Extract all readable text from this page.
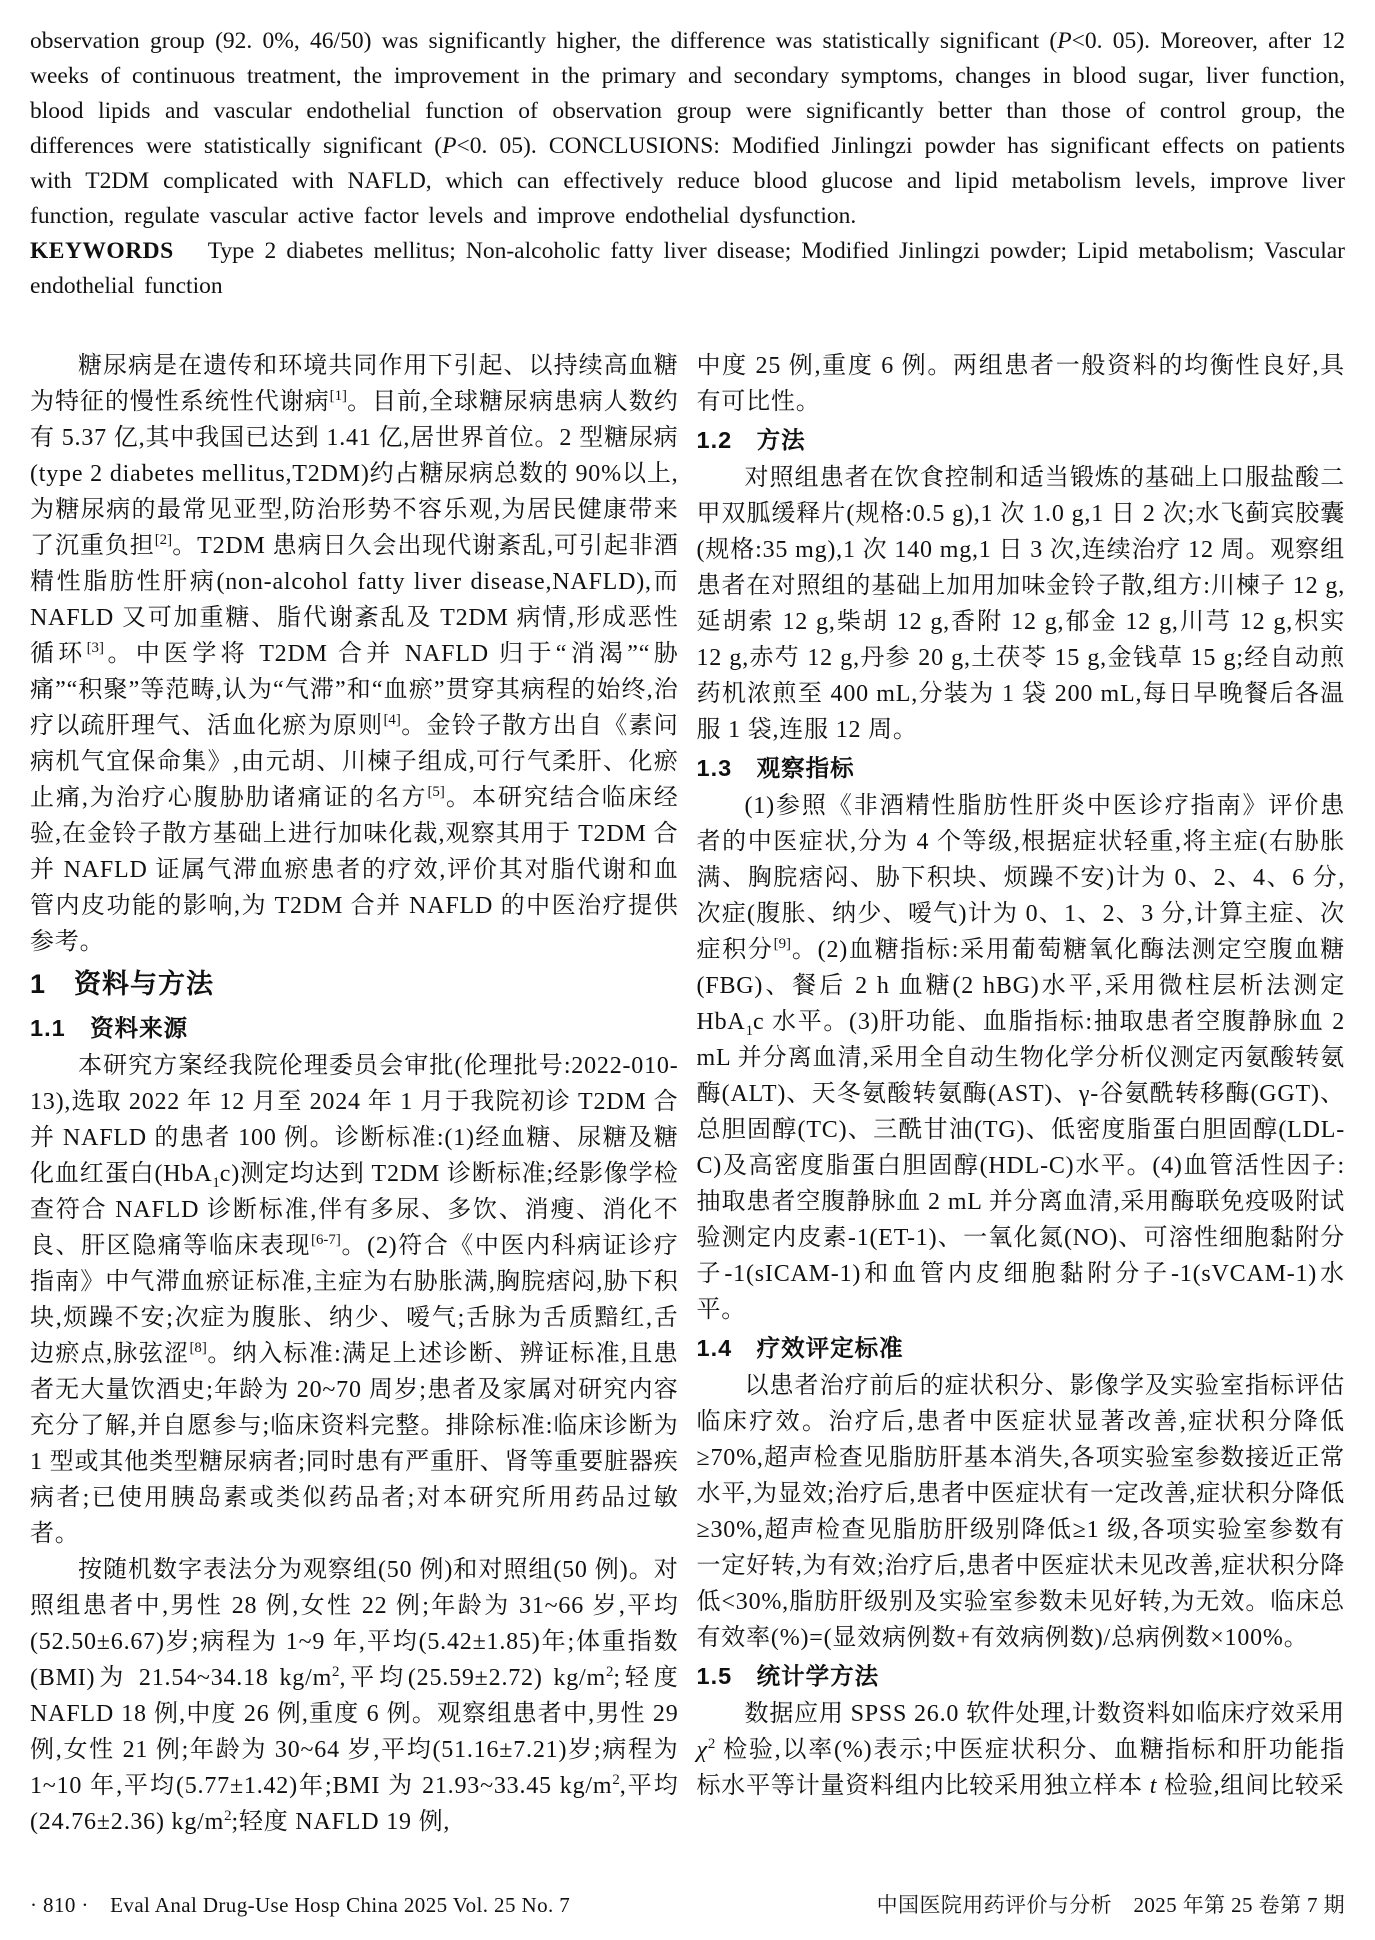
observation group (92. 0%, 46/50) was significantly higher, the difference was statistically significant (P<0. 05). Moreover, after 12 weeks of continuous treatment, the improvement in the primary and secondary symptoms, changes in blood sugar, liver function, blood lipids and vascular endothelial function of observation group were significantly better than those of control group, the differences were statistically significant (P<0. 05). CONCLUSIONS: Modified Jinlingzi powder has significant effects on patients with T2DM complicated with NAFLD, which can effectively reduce blood glucose and lipid metabolism levels, improve liver function, regulate vascular active factor levels and improve endothelial dysfunction.

KEYWORDS Type 2 diabetes mellitus; Non-alcoholic fatty liver disease; Modified Jinlingzi powder; Lipid metabolism; Vascular endothelial function

糖尿病是在遗传和环境共同作用下引起、以持续高血糖为特征的慢性系统性代谢病[1]。目前,全球糖尿病患病人数约有 5.37 亿,其中我国已达到 1.41 亿,居世界首位。2 型糖尿病(type 2 diabetes mellitus,T2DM)约占糖尿病总数的 90%以上,为糖尿病的最常见亚型,防治形势不容乐观,为居民健康带来了沉重负担[2]。T2DM 患病日久会出现代谢紊乱,可引起非酒精性脂肪性肝病(non-alcohol fatty liver disease,NAFLD),而 NAFLD 又可加重糖、脂代谢紊乱及 T2DM 病情,形成恶性循环[3]。中医学将 T2DM 合并 NAFLD 归于“消渴”“胁痛”“积聚”等范畴,认为“气滞”和“血瘀”贯穿其病程的始终,治疗以疏肝理气、活血化瘀为原则[4]。金铃子散方出自《素问病机气宜保命集》,由元胡、川楝子组成,可行气柔肝、化瘀止痛,为治疗心腹胁肋诸痛证的名方[5]。本研究结合临床经验,在金铃子散方基础上进行加味化裁,观察其用于 T2DM 合并 NAFLD 证属气滞血瘀患者的疗效,评价其对脂代谢和血管内皮功能的影响,为 T2DM 合并 NAFLD 的中医治疗提供参考。

1　资料与方法
1.1　资料来源

本研究方案经我院伦理委员会审批(伦理批号:2022-010-13),选取 2022 年 12 月至 2024 年 1 月于我院初诊 T2DM 合并 NAFLD 的患者 100 例。诊断标准:(1)经血糖、尿糖及糖化血红蛋白(HbA$_1$c)测定均达到 T2DM 诊断标准;经影像学检查符合 NAFLD 诊断标准,伴有多尿、多饮、消瘦、消化不良、肝区隐痛等临床表现[6-7]。(2)符合《中医内科病证诊疗指南》中气滞血瘀证标准,主症为右胁胀满,胸脘痞闷,胁下积块,烦躁不安;次症为腹胀、纳少、嗳气;舌脉为舌质黯红,舌边瘀点,脉弦涩[8]。纳入标准:满足上述诊断、辨证标准,且患者无大量饮酒史;年龄为 20~70 周岁;患者及家属对研究内容充分了解,并自愿参与;临床资料完整。排除标准:临床诊断为 1 型或其他类型糖尿病者;同时患有严重肝、肾等重要脏器疾病者;已使用胰岛素或类似药品者;对本研究所用药品过敏者。

按随机数字表法分为观察组(50 例)和对照组(50 例)。对照组患者中,男性 28 例,女性 22 例;年龄为 31~66 岁,平均(52.50±6.67)岁;病程为 1~9 年,平均(5.42±1.85)年;体重指数(BMI)为 21.54~34.18 $kg/m^2$,平均(25.59±2.72) $kg/m^2$;轻度 NAFLD 18 例,中度 26 例,重度 6 例。观察组患者中,男性 29 例,女性 21 例;年龄为 30~64 岁,平均(51.16±7.21)岁;病程为 1~10 年,平均(5.77±1.42)年;BMI 为 21.93~33.45 $kg/m^2$,平均(24.76±2.36) $kg/m^2$;轻度 NAFLD 19 例,

中度 25 例,重度 6 例。两组患者一般资料的均衡性良好,具有可比性。

1.2　方法

对照组患者在饮食控制和适当锻炼的基础上口服盐酸二甲双胍缓释片(规格:0.5 g),1 次 1.0 g,1 日 2 次;水飞蓟宾胶囊(规格:35 mg),1 次 140 mg,1 日 3 次,连续治疗 12 周。观察组患者在对照组的基础上加用加味金铃子散,组方:川楝子 12 g,延胡索 12 g,柴胡 12 g,香附 12 g,郁金 12 g,川芎 12 g,枳实 12 g,赤芍 12 g,丹参 20 g,土茯苓 15 g,金钱草 15 g;经自动煎药机浓煎至 400 mL,分装为 1 袋 200 mL,每日早晚餐后各温服 1 袋,连服 12 周。

1.3　观察指标

(1)参照《非酒精性脂肪性肝炎中医诊疗指南》评价患者的中医症状,分为 4 个等级,根据症状轻重,将主症(右胁胀满、胸脘痞闷、胁下积块、烦躁不安)计为 0、2、4、6 分,次症(腹胀、纳少、嗳气)计为 0、1、2、3 分,计算主症、次症积分[9]。(2)血糖指标:采用葡萄糖氧化酶法测定空腹血糖(FBG)、餐后 2 h 血糖(2 hBG)水平,采用微柱层析法测定 HbA$_1$c 水平。(3)肝功能、血脂指标:抽取患者空腹静脉血 2 mL 并分离血清,采用全自动生物化学分析仪测定丙氨酸转氨酶(ALT)、天冬氨酸转氨酶(AST)、γ-谷氨酰转移酶(GGT)、总胆固醇(TC)、三酰甘油(TG)、低密度脂蛋白胆固醇(LDL-C)及高密度脂蛋白胆固醇(HDL-C)水平。(4)血管活性因子:抽取患者空腹静脉血 2 mL 并分离血清,采用酶联免疫吸附试验测定内皮素-1(ET-1)、一氧化氮(NO)、可溶性细胞黏附分子-1(sICAM-1)和血管内皮细胞黏附分子-1(sVCAM-1)水平。

1.4　疗效评定标准

以患者治疗前后的症状积分、影像学及实验室指标评估临床疗效。治疗后,患者中医症状显著改善,症状积分降低≥70%,超声检查见脂肪肝基本消失,各项实验室参数接近正常水平,为显效;治疗后,患者中医症状有一定改善,症状积分降低≥30%,超声检查见脂肪肝级别降低≥1 级,各项实验室参数有一定好转,为有效;治疗后,患者中医症状未见改善,症状积分降低<30%,脂肪肝级别及实验室参数未见好转,为无效。临床总有效率(%)=(显效病例数+有效病例数)/总病例数×100%。

1.5　统计学方法

数据应用 SPSS 26.0 软件处理,计数资料如临床疗效采用$\chi^2$ 检验,以率(%)表示;中医症状积分、血糖指标和肝功能指标水平等计量资料组内比较采用独立样本 t 检验,组间比较采

· 810 ·　Eval Anal Drug-Use Hosp China 2025 Vol. 25 No. 7	中国医院用药评价与分析　2025 年第 25 卷第 7 期
